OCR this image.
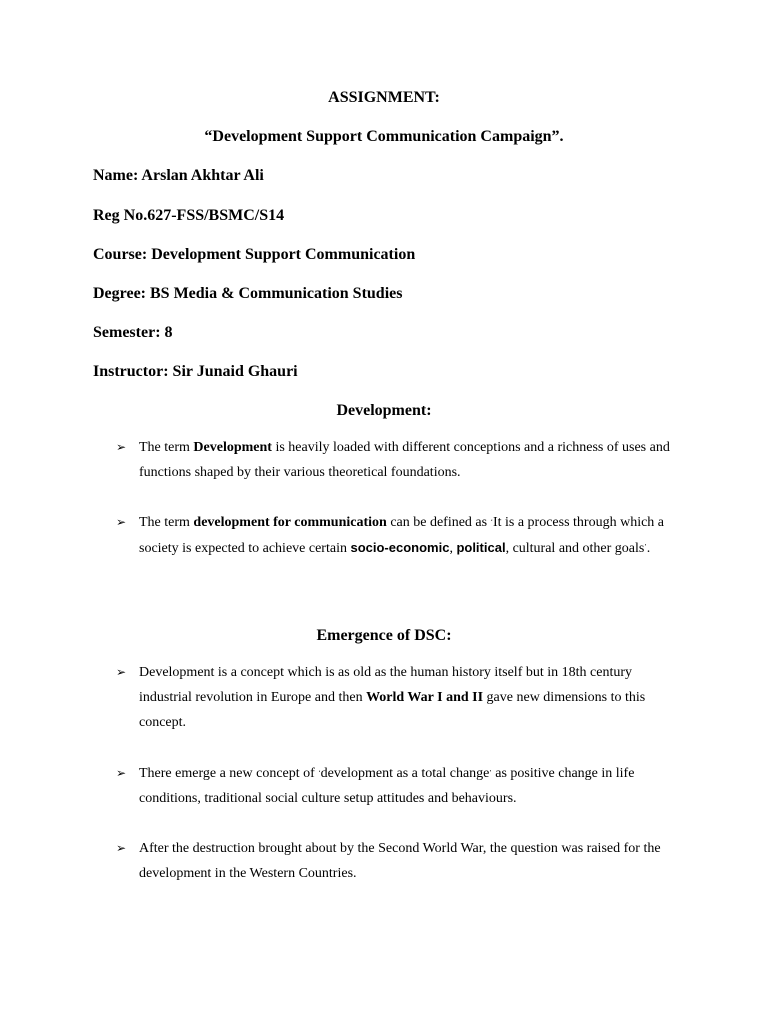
ASSIGNMENT:
“Development Support Communication Campaign”.
Name: Arslan Akhtar Ali
Reg No.627-FSS/BSMC/S14
Course: Development Support Communication
Degree: BS Media & Communication Studies
Semester: 8
Instructor: Sir Junaid Ghauri
Development:
➢ The term Development is heavily loaded with different conceptions and a richness of uses and functions shaped by their various theoretical foundations.
➢ The term development for communication can be defined as ‘It is a process through which a society is expected to achieve certain socio-economic, political, cultural and other goals’.
Emergence of DSC:
➢ Development is a concept which is as old as the human history itself but in 18th century industrial revolution in Europe and then World War I and II gave new dimensions to this concept.
➢ There emerge a new concept of ‘development as a total change’ as positive change in life conditions, traditional social culture setup attitudes and behaviours.
➢ After the destruction brought about by the Second World War, the question was raised for the development in the Western Countries.
